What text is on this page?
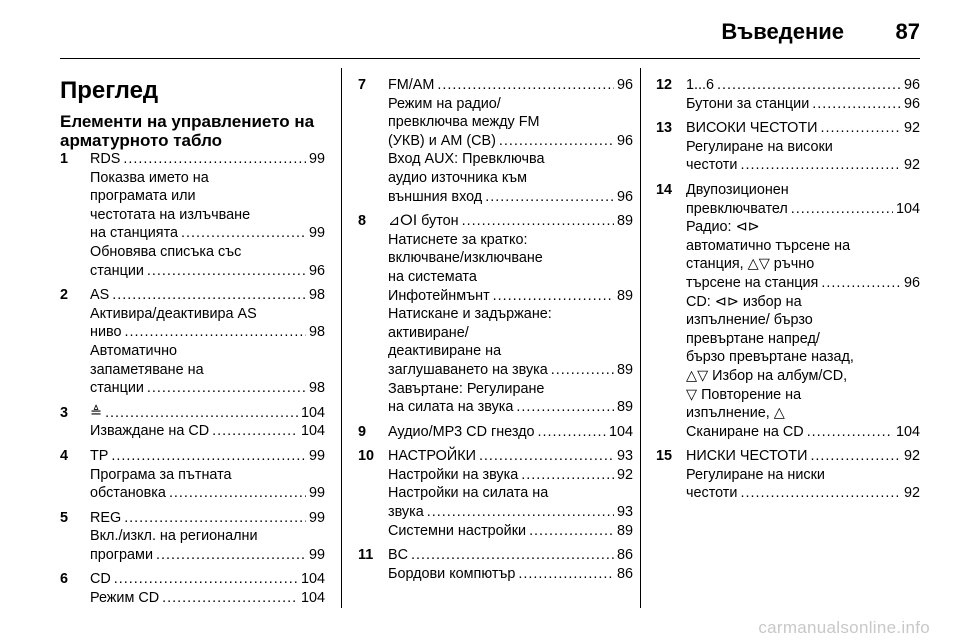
Въведение 87
Преглед
Елементи на управлението на арматурното табло
1	RDS .....	99
Показва името на
програмата или
честотата на излъчване
на станцията .....	99
Обновява списъка със
станции .....	96
2	AS .....	98
Активира/деактивира AS
ниво .....	98
Автоматично
запаметяване на
станции .....	98
3	≜ .....	104
Изваждане на CD .....	104
4	TP .....	99
Програма за пътната
обстановка .....	99
5	REG .....	99
Вкл./изкл. на регионални
програми .....	99
6	CD .....	104
Режим CD .....	104
7	FM/AM .....	96
Режим на радио/
превключва между FM
(УКВ) и AM (СВ) .....	96
Вход AUX: Превключва
аудио източника към
външния вход .....	96
8	⊿ⵔⵏ бутон .....	89
Натиснете за кратко:
включване/изключване
на системата
Инфотейнмънт .....	89
Натискане и задържане:
активиране/
деактивиране на
заглушаването на звука .....	89
Завъртане: Регулиране
на силата на звука .....	89
9	Аудио/MP3 CD гнездо .....	104
10 НАСТРОЙКИ .....	93
Настройки на звука .....	92
Настройки на силата на
звука .....	93
Системни настройки .....	89
11	BC .....	86
Бордови компютър .....	86
12 1...6 .....	96
Бутони за станции .....	96
13 ВИСОКИ ЧЕСТОТИ .....	92
Регулиране на високи
честоти .....	92
14 Двупозиционен
превключвател .....	104
Радио: ⊲⊳
автоматично търсене на
станция, △▽ ръчно
търсене на станция .....	96
CD: ⊲⊳ избор на
изпълнение/ бързо
превъртане напред/
бързо превъртане назад,
△▽ Избор на албум/CD,
▽ Повторение на
изпълнение, △
Сканиране на CD .....	104
15 НИСКИ ЧЕСТОТИ .....	92
Регулиране на ниски
честоти .....	92
carmanualsonline.info
